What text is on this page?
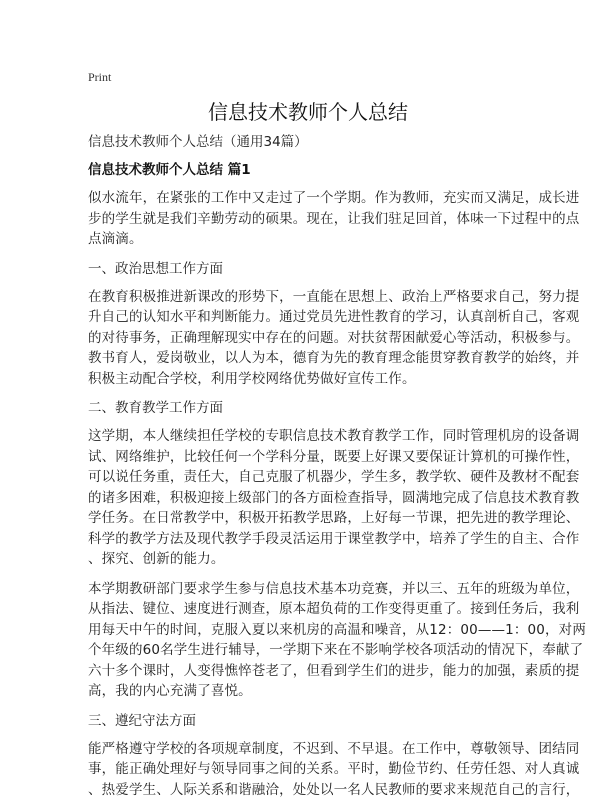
Print
信息技术教师个人总结
信息技术教师个人总结（通用34篇）
信息技术教师个人总结 篇1
似水流年，在紧张的工作中又走过了一个学期。作为教师，充实而又满足，成长进
步的学生就是我们辛勤劳动的硕果。现在，让我们驻足回首，体味一下过程中的点
点滴滴。
一、政治思想工作方面
在教育积极推进新课改的形势下，一直能在思想上、政治上严格要求自己，努力提
升自己的认知水平和判断能力。通过党员先进性教育的学习，认真剖析自己，客观
的对待事务，正确理解现实中存在的问题。对扶贫帮困献爱心等活动，积极参与。
教书育人，爱岗敬业，以人为本，德育为先的教育理念能贯穿教育教学的始终，并
积极主动配合学校，利用学校网络优势做好宣传工作。
二、教育教学工作方面
这学期，本人继续担任学校的专职信息技术教育教学工作，同时管理机房的设备调
试、网络维护，比较任何一个学科分量，既要上好课又要保证计算机的可操作性，
可以说任务重，责任大，自己克服了机器少，学生多，教学软、硬件及教材不配套
的诸多困难，积极迎接上级部门的各方面检查指导，圆满地完成了信息技术教育教
学任务。在日常教学中，积极开拓教学思路，上好每一节课，把先进的教学理论、
科学的教学方法及现代教学手段灵活运用于课堂教学中，培养了学生的自主、合作
、探究、创新的能力。
本学期教研部门要求学生参与信息技术基本功竞赛，并以三、五年的班级为单位，
从指法、键位、速度进行测查，原本超负荷的工作变得更重了。接到任务后，我利
用每天中午的时间，克服入夏以来机房的高温和噪音，从12：00——1：00，对两
个年级的60名学生进行辅导，一学期下来在不影响学校各项活动的情况下，奉献了
六十多个课时，人变得憔悴苍老了，但看到学生们的进步，能力的加强，素质的提
高，我的内心充满了喜悦。
三、遵纪守法方面
能严格遵守学校的各项规章制度，不迟到、不早退。在工作中，尊敬领导、团结同
事，能正确处理好与领导同事之间的关系。平时，勤俭节约、任劳任怨、对人真诚
、热爱学生、人际关系和谐融洽，处处以一名人民教师的要求来规范自己的言行，
